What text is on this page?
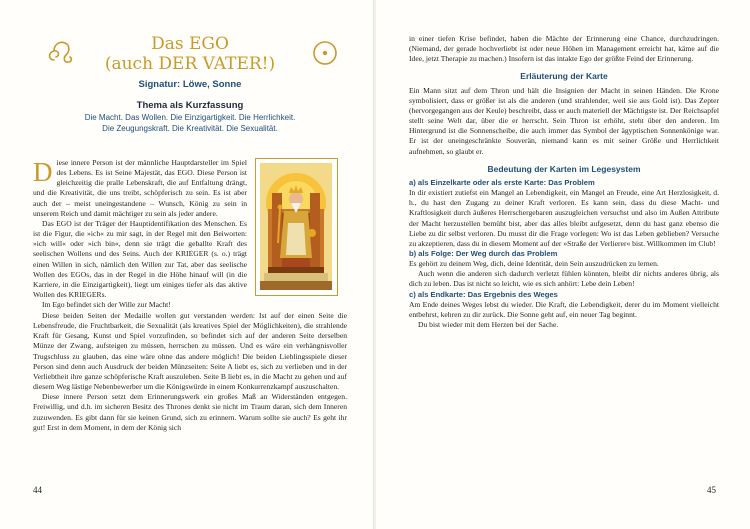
Das EGO
(auch DER VATER!)
Signatur: Löwe, Sonne
Thema als Kurzfassung
Die Macht. Das Wollen. Die Einzigartigkeit. Die Herrlichkeit.
Die Zeugungskraft. Die Kreativität. Die Sexualität.

D iese innere Person ist der männliche Hauptdarsteller im Spiel des Lebens. Es ist Seine Majestät, das EGO. Diese Person ist gleichzeitig die pralle Lebenskraft, die auf Entfaltung drängt, und die Kreativität, die uns treibt, schöpferisch zu sein. Es ist aber auch der – meist uneingestandene – Wunsch, König zu sein in unserem Reich und damit mächtiger zu sein als jeder andere.

Das EGO ist der Träger der Hauptidentifikation des Menschen. Es ist die Figur, die »ich« zu mir sagt, in der Regel mit den Beiworten: »ich will« oder »ich bin«, denn sie trägt die geballte Kraft des seelischen Wollens und des Seins. Auch der KRIEGER (s. o.) trägt einen Willen in sich, nämlich den Willen zur Tat, aber das seelische Wollen des EGOs, das in der Regel in die Höhe hinauf will (in die Karriere, in die Einzigartigkeit), liegt um einiges tiefer als das aktive Wollen des KRIEGERs.

Im Ego befindet sich der Wille zur Macht!

Diese beiden Seiten der Medaille wollen gut verstanden werden: Ist auf der einen Seite die Lebensfreude, die Fruchtbarkeit, die Sexualität (als kreatives Spiel der Möglichkeiten), die strahlende Kraft für Gesang, Kunst und Spiel vorzufinden, so befindet sich auf der anderen Seite derselben Münze der Zwang, aufsteigen zu müssen, herrschen zu müssen. Und es wäre ein verhängnisvoller Trugschluss zu glauben, das eine wäre ohne das andere möglich! Die beiden Lieblingsspiele dieser Person sind denn auch Ausdruck der beiden Münzseiten: Seite A liebt es, sich zu verlieben und in der Verliebtheit ihre ganze schöpferische Kraft auszuleben. Seite B liebt es, in die Macht zu gehen und auf diesem Weg lästige Nebenbewerber um die Königswürde in einem Konkurrenzkampf auszuschalten.

Diese innere Person setzt dem Erinnerungswerk ein großes Maß an Widerständen entgegen. Freiwillig, und d.h. im sicheren Besitz des Thrones denkt sie nicht im Traum daran, sich dem Inneren zuzuwenden. Es gibt dann für sie keinen Grund, sich zu erinnern. Warum sollte sie auch? Es geht ihr gut! Erst in dem Moment, in dem der König sich

44

in einer tiefen Krise befindet, haben die Mächte der Erinnerung eine Chance, durchzudringen. (Niemand, der gerade hochverliebt ist oder neue Höhen im Management erreicht hat, käme auf die Idee, jetzt Therapie zu machen.) Insofern ist das intakte Ego der größte Feind der Erinnerung.

Erläuterung der Karte

Ein Mann sitzt auf dem Thron und hält die Insignien der Macht in seinen Händen. Die Krone symbolisiert, dass er größer ist als die anderen (und strahlender, weil sie aus Gold ist). Das Zepter (hervorgegangen aus der Keule) beschreibt, dass er auch materiell der Mächtigste ist. Der Reichsapfel stellt seine Welt dar, über die er herrscht. Sein Thron ist erhöht, steht über den anderen. Im Hintergrund ist die Sonnenscheibe, die auch immer das Symbol der ägyptischen Sonnenkönige war. Er ist der uneingeschränkte Souverän, niemand kann es mit seiner Größe und Herrlichkeit aufnehmen, so glaubt er.

Bedeutung der Karten im Legesystem
a) als Einzelkarte oder als erste Karte: Das Problem

In dir existiert zutiefst ein Mangel an Lebendigkeit, ein Mangel an Freude, eine Art Herzlosigkeit, d. h., du hast den Zugang zu deiner Kraft verloren. Es kann sein, dass du diese Macht- und Kraftlosigkeit durch äußeres Herrschergebaren auszugleichen versuchst und also im Außen Attribute der Macht herzustellen bemüht bist, aber das alles bleibt aufgesetzt, denn du hast ganz ebenso die Liebe zu dir selbst verloren. Du musst dir die Frage vorlegen: Wo ist das Leben geblieben? Versuche zu akzeptieren, dass du in diesem Moment auf der »Straße der Verlierer« bist. Willkommen im Club!

b) als Folge: Der Weg durch das Problem

Es gehört zu deinem Weg, dich, deine Identität, dein Sein auszudrücken zu lernen.

Auch wenn die anderen sich dadurch verletzt fühlen könnten, bleibt dir nichts anderes übrig, als dich zu leben. Das ist nicht so leicht, wie es sich anhört: Lebe dein Leben!

c) als Endkarte: Das Ergebnis des Weges

Am Ende deines Weges lebst du wieder. Die Kraft, die Lebendigkeit, derer du im Moment vielleicht entbehrst, kehren zu dir zurück. Die Sonne geht auf, ein neuer Tag beginnt.

Du bist wieder mit dem Herzen bei der Sache.

45
